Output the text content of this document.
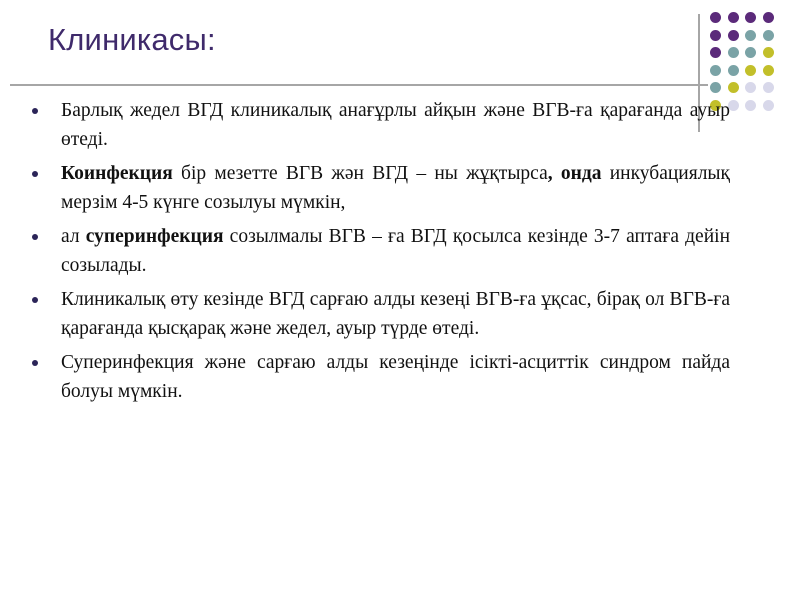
Клиникасы:
Барлық жедел ВГД клиникалық анағұрлы айқын және ВГВ-ға қарағанда ауыр өтеді.
Коинфекция бір мезетте ВГВ жән ВГД – ны жұқтырса, онда инкубациялық мерзім 4-5 күнге созылуы мүмкін,
ал суперинфекция созылмалы ВГВ – ға ВГД қосылса кезінде 3-7 аптаға дейін созылады.
Клиникалық өту кезінде ВГД сарғаю алды кезеңі ВГВ-ға ұқсас, бірақ ол ВГВ-ға қарағанда қысқарақ және жедел, ауыр түрде өтеді.
Суперинфекция және сарғаю алды кезеңінде ісікті-асциттік синдром пайда болуы мүмкін.
